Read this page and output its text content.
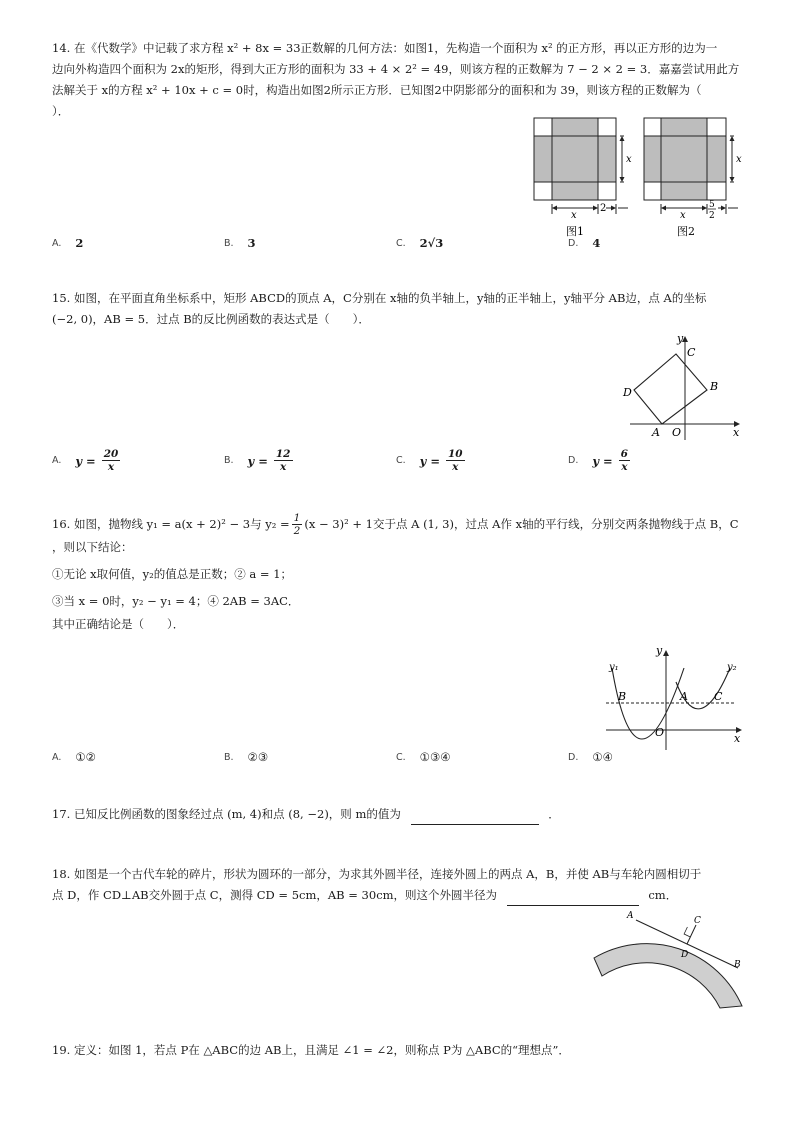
14. 在《代数学》中记载了求方程 x² + 8x = 33正数解的几何方法：如图1，先构造一个面积为 x² 的正方形，再以正方形的边为一

边向外构造四个面积为 2x的矩形，得到大正方形的面积为 33 + 4 × 2² = 49，则该方程的正数解为 7 − 2 × 2 = 3．嘉嘉尝试用此方

法解关于 x的方程 x² + 10x + c = 0时，构造出如图2所示正方形．已知图2中阴影部分的面积和为 39，则该方程的正数解为（

）．

x
x
2
图1
x
x
5
2
图2
A. 2	B. 3	C. 2√3	D. 4

15. 如图，在平面直角坐标系中，矩形 ABCD的顶点 A，C分别在 x轴的负半轴上，y轴的正半轴上，y轴平分 AB边，点 A的坐标

(−2, 0)，AB = 5．过点 B的反比例函数的表达式是（　　）．

y
x
C
B
D
A O
A. $y = \frac{20}{x}$	B. $y = \frac{12}{x}$	C. $y = \frac{10}{x}$	D. $y = \frac{6}{x}$

16. 如图，抛物线 y₁ = a(x + 2)² − 3与 $y_2 = \frac{1}{2} (x - 3)^2 + 1$交于点 A (1, 3)，过点 A作 x轴的平行线，分别交两条抛物线于点 B，C

，则以下结论：

①无论 x取何值，y₂的值总是正数；② a = 1；

③当 x = 0时，y₂ − y₁ = 4；④ 2AB = 3AC．

其中正确结论是（　　）．

y₁	y₂
y
x
B	A C
O
A. ①②	B. ②③	C. ①③④	D. ①④

17. 已知反比例函数的图象经过点 (m, 4)和点 (8, −2)，则 m的值为	．

18. 如图是一个古代车轮的碎片，形状为圆环的一部分，为求其外圆半径，连接外圆上的两点 A，B，并使 AB与车轮内圆相切于

点 D，作 CD⊥AB交外圆于点 C，测得 CD = 5cm，AB = 30cm，则这个外圆半径为	cm．

A	C
D
B

19. 定义：如图 1，若点 P在 △ABC的边 AB上，且满足 ∠1 = ∠2，则称点 P为 △ABC的“理想点”．
